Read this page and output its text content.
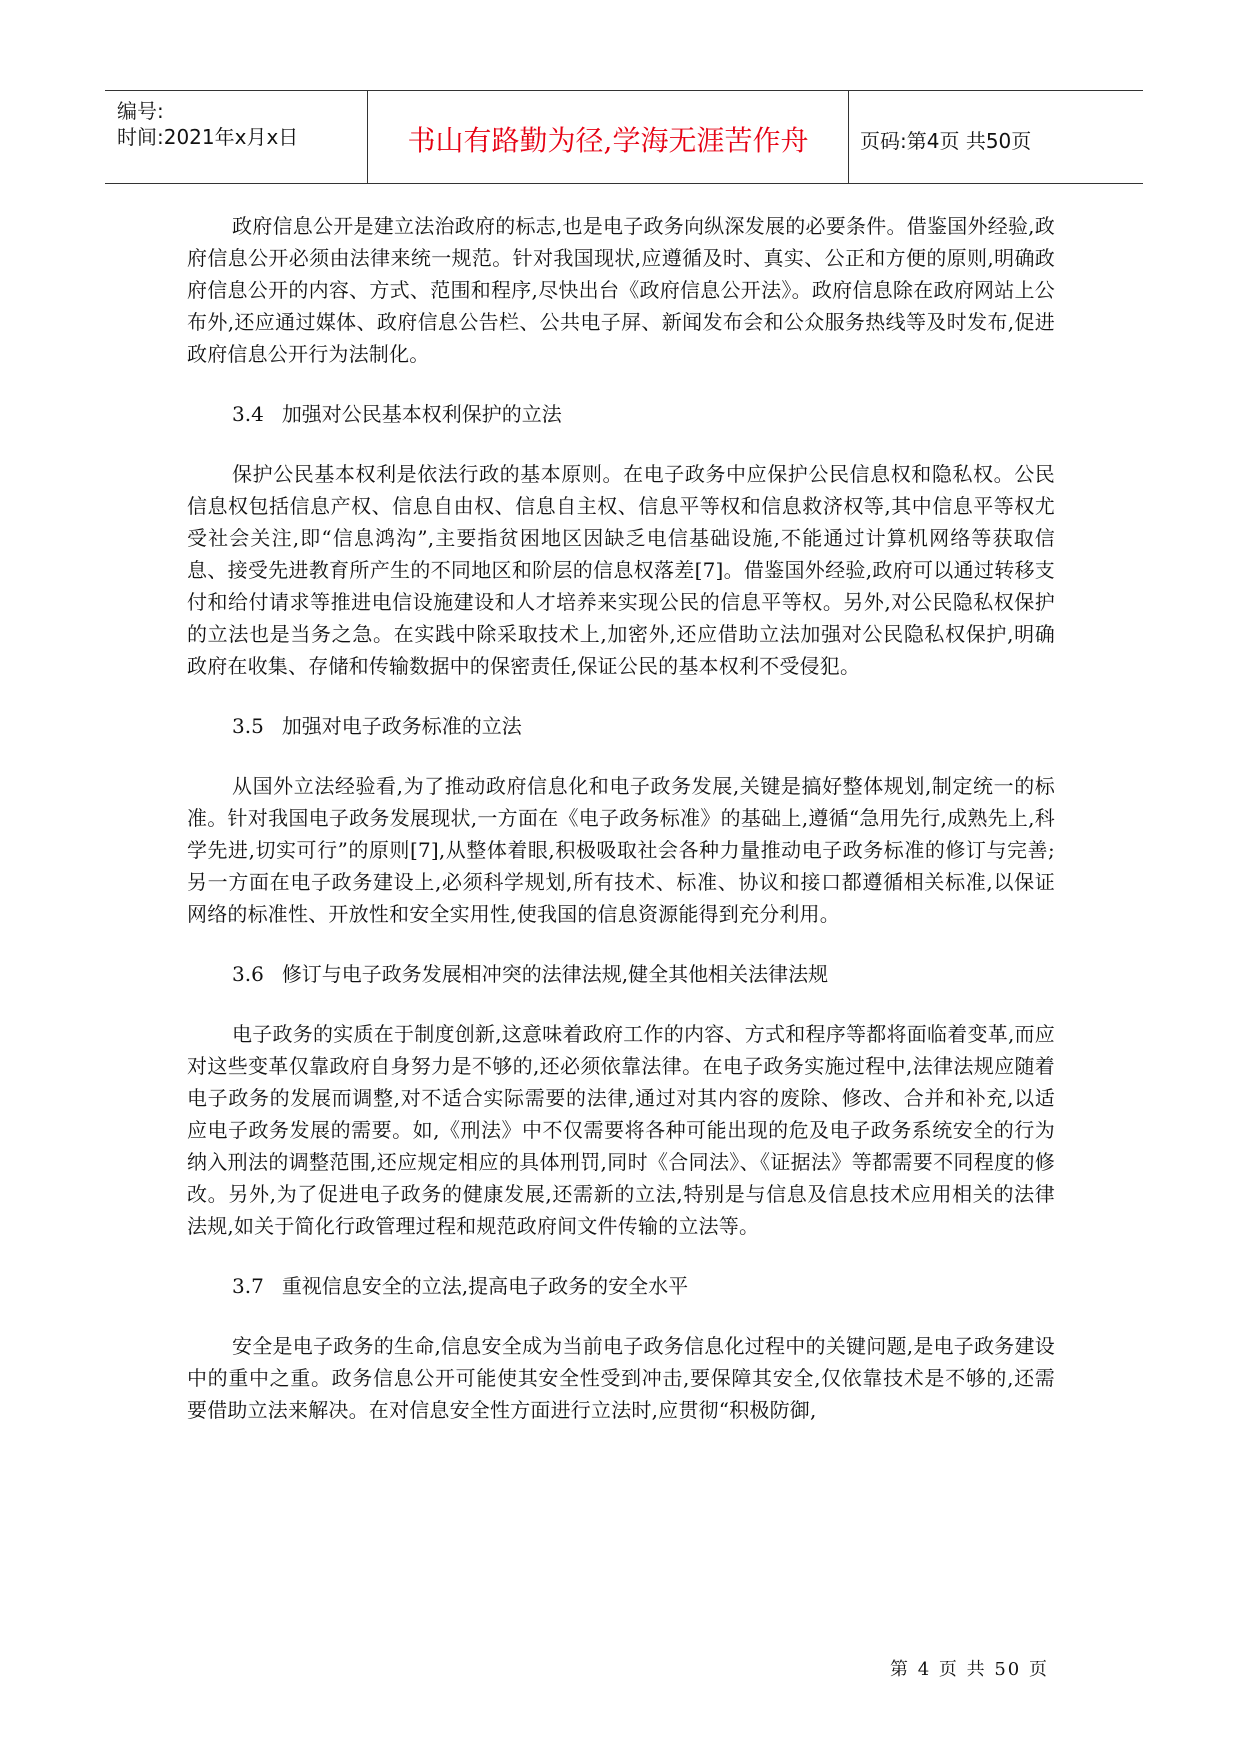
编号:
时间:2021年x月x日	书山有路勤为径,学海无涯苦作舟	页码:第4页 共50页

政府信息公开是建立法治政府的标志,也是电子政务向纵深发展的必要条件。借鉴国外经验,政府信息公开必须由法律来统一规范。针对我国现状,应遵循及时、真实、公正和方便的原则,明确政府信息公开的内容、方式、范围和程序,尽快出台《政府信息公开法》。政府信息除在政府网站上公布外,还应通过媒体、政府信息公告栏、公共电子屏、新闻发布会和公众服务热线等及时发布,促进政府信息公开行为法制化。

3.4 加强对公民基本权利保护的立法

保护公民基本权利是依法行政的基本原则。在电子政务中应保护公民信息权和隐私权。公民信息权包括信息产权、信息自由权、信息自主权、信息平等权和信息救济权等,其中信息平等权尤受社会关注,即“信息鸿沟”,主要指贫困地区因缺乏电信基础设施,不能通过计算机网络等获取信息、接受先进教育所产生的不同地区和阶层的信息权落差[7]。借鉴国外经验,政府可以通过转移支付和给付请求等推进电信设施建设和人才培养来实现公民的信息平等权。另外,对公民隐私权保护的立法也是当务之急。在实践中除采取技术上,加密外,还应借助立法加强对公民隐私权保护,明确政府在收集、存储和传输数据中的保密责任,保证公民的基本权利不受侵犯。

3.5 加强对电子政务标准的立法

从国外立法经验看,为了推动政府信息化和电子政务发展,关键是搞好整体规划,制定统一的标准。针对我国电子政务发展现状,一方面在《电子政务标准》的基础上,遵循“急用先行,成熟先上,科学先进,切实可行”的原则[7],从整体着眼,积极吸取社会各种力量推动电子政务标准的修订与完善;另一方面在电子政务建设上,必须科学规划,所有技术、标准、协议和接口都遵循相关标准,以保证网络的标准性、开放性和安全实用性,使我国的信息资源能得到充分利用。

3.6 修订与电子政务发展相冲突的法律法规,健全其他相关法律法规

电子政务的实质在于制度创新,这意味着政府工作的内容、方式和程序等都将面临着变革,而应对这些变革仅靠政府自身努力是不够的,还必须依靠法律。在电子政务实施过程中,法律法规应随着电子政务的发展而调整,对不适合实际需要的法律,通过对其内容的废除、修改、合并和补充,以适应电子政务发展的需要。如,《刑法》中不仅需要将各种可能出现的危及电子政务系统安全的行为纳入刑法的调整范围,还应规定相应的具体刑罚,同时《合同法》、《证据法》等都需要不同程度的修改。另外,为了促进电子政务的健康发展,还需新的立法,特别是与信息及信息技术应用相关的法律法规,如关于简化行政管理过程和规范政府间文件传输的立法等。

3.7 重视信息安全的立法,提高电子政务的安全水平

安全是电子政务的生命,信息安全成为当前电子政务信息化过程中的关键问题,是电子政务建设中的重中之重。政务信息公开可能使其安全性受到冲击,要保障其安全,仅依靠技术是不够的,还需要借助立法来解决。在对信息安全性方面进行立法时,应贯彻“积极防御,

第 4 页 共 50 页
